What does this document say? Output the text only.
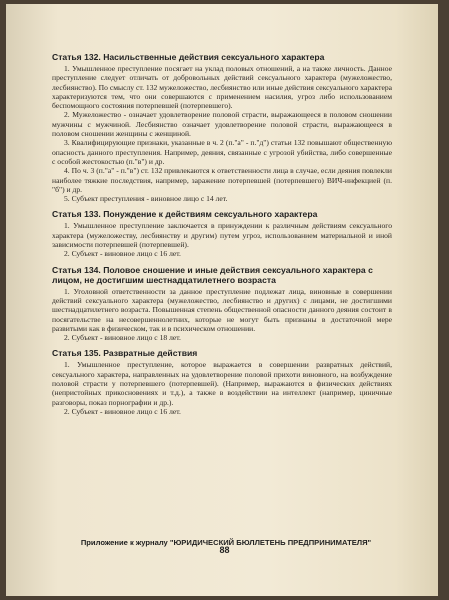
Статья 132. Насильственные действия сексуального характера

1. Умышленное преступление посягает на уклад половых отношений, а на также личность. Данное преступление следует отличать от добровольных действий сексуального характера (мужеложество, лесбиянство). По смыслу ст. 132 мужеложество, лесбиянство или иные действия сексуального характера характеризуются тем, что они совершаются с применением насилия, угроз либо использованием беспомощного состояния потерпевшей (потерпевшего).

2. Мужеложество - означает удовлетворение половой страсти, выражающееся в половом сношении мужчины с мужчиной. Лесбиянство означает удовлетворение половой страсти, выражающееся в половом сношении женщины с женщиной.

3. Квалифицирующие признаки, указанные в ч. 2 (п."а" - п."д") статьи 132 повышают общественную опасность данного преступления. Например, деяния, связанные с угрозой убийства, либо совершенные с особой жестокостью (п."в") и др.

4. По ч. 3 (п."а" - п."в") ст. 132 привлекаются к ответственности лица в случае, если деяния повлекли наиболее тяжкие последствия, например, заражение потерпевшей (потерпевшего) ВИЧ-инфекцией (п. "б") и др.

5. Субъект преступления - виновное лицо с 14 лет.

Статья 133. Понуждение к действиям сексуального характера

1. Умышленное преступление заключается в принуждении к различным действиям сексуального характера (мужеложеству, лесбиянству и другим) путем угроз, использованием материальной и иной зависимости потерпевшей (потерпевшей).

2. Субъект - виновное лицо с 16 лет.

Статья 134. Половое сношение и иные действия сексуального характера с лицом, не достигшим шестнадцатилетнего возраста

1. Уголовной ответственности за данное преступление подлежат лица, виновные в совершении действий сексуального характера (мужеложество, лесбиянство и других) с лицами, не достигшими шестнадцатилетнего возраста. Повышенная степень общественной опасности данного деяния состоит в посягательстве на несовершеннолетних, которые не могут быть признаны в достаточной мере развитыми как в физическом, так и в психическом отношении.

2. Субъект - виновное лицо с 18 лет.

Статья 135. Развратные действия

1. Умышленное преступление, которое выражается в совершении развратных действий, сексуального характера, направленных на удовлетворение половой прихоти виновного, на возбуждение половой страсти у потерпевшего (потерпевшей). (Например, выражаются в физических действиях (непристойных прикосновениях и т.д.), а также в воздействии на интеллект (например, циничные разговоры, показ порнографии и др.).

2. Субъект - виновное лицо с 16 лет.

Приложение к журналу "ЮРИДИЧЕСКИЙ БЮЛЛЕТЕНЬ ПРЕДПРИНИМАТЕЛЯ"
88
